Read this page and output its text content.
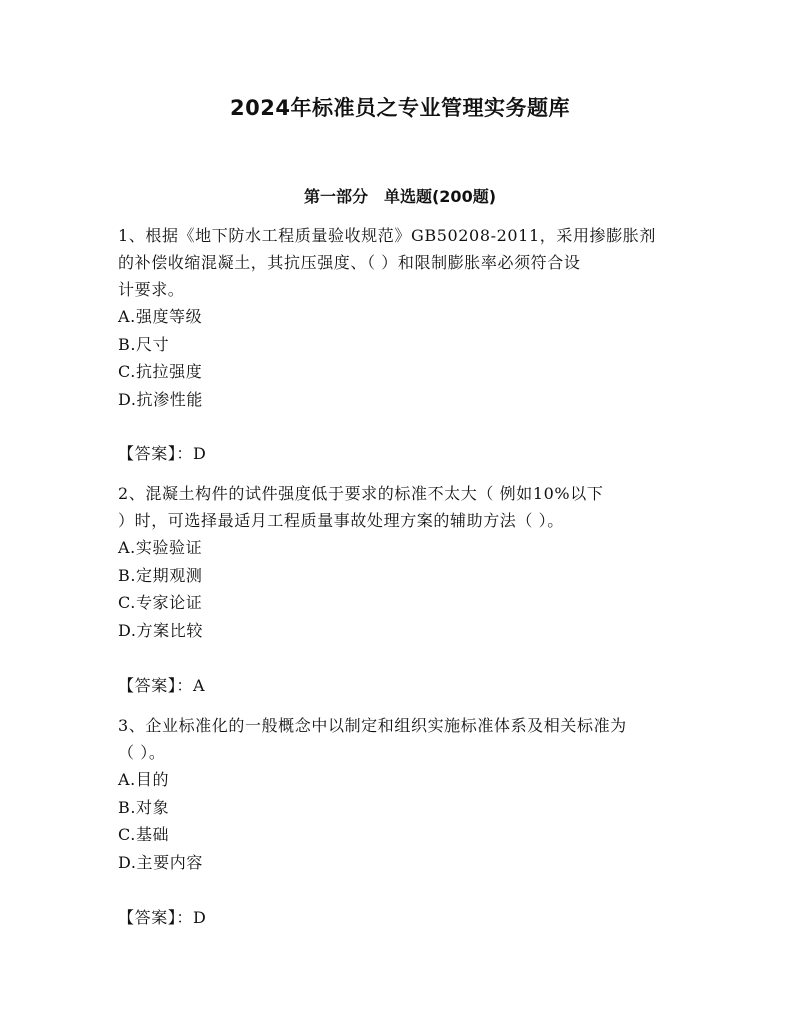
2024年标准员之专业管理实务题库
第一部分 单选题(200题)

1、根据《地下防水工程质量验收规范》GB50208-2011，采用掺膨胀剂
的补偿收缩混凝土，其抗压强度、（ ）和限制膨胀率必须符合设
计要求。

A.强度等级
B.尺寸
C.抗拉强度
D.抗渗性能

【答案】：D

2、混凝土构件的试件强度低于要求的标准不太大（ 例如10%以下
）时，可选择最适月工程质量事故处理方案的辅助方法（ ）。

A.实验验证
B.定期观测
C.专家论证
D.方案比较

【答案】：A

3、企业标准化的一般概念中以制定和组织实施标准体系及相关标准为
（ ）。

A.目的
B.对象
C.基础
D.主要内容

【答案】：D
